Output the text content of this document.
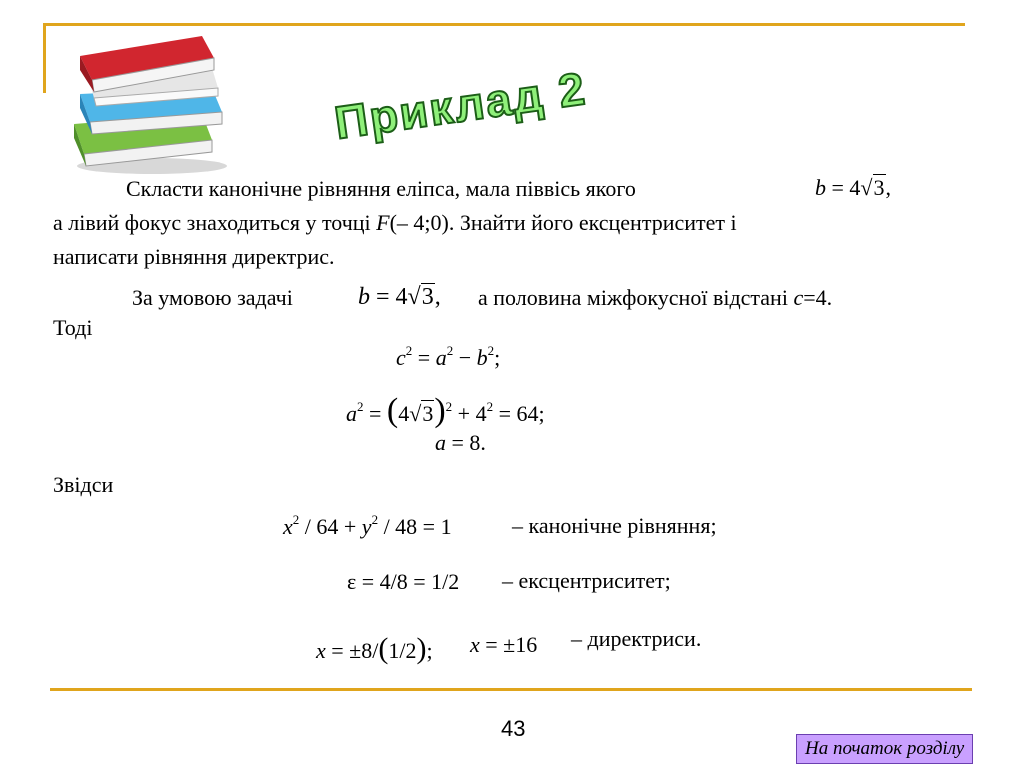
Приклад 2
Скласти канонічне рівняння еліпса, мала піввісь якого	b = 4√3,
а лівий фокус знаходиться у точці F(– 4;0). Знайти його ексцентриситет і
написати рівняння директрис.
За умовою задачі	b = 4√3, а половина міжфокусної відстані c=4.
Тоді
$c^2 = a^2 - b^2$;
$a^2 = (4√3)^2 + 4^2 = 64$;
a = 8.
Звідси
$x^2 / 64 + y^2 / 48 = 1$	– канонічне рівняння;
ε = 4/8 = 1/2 – ексцентриситет;
x = ±8/(1/2); x = ±16 – директриси.
43
На початок розділу
